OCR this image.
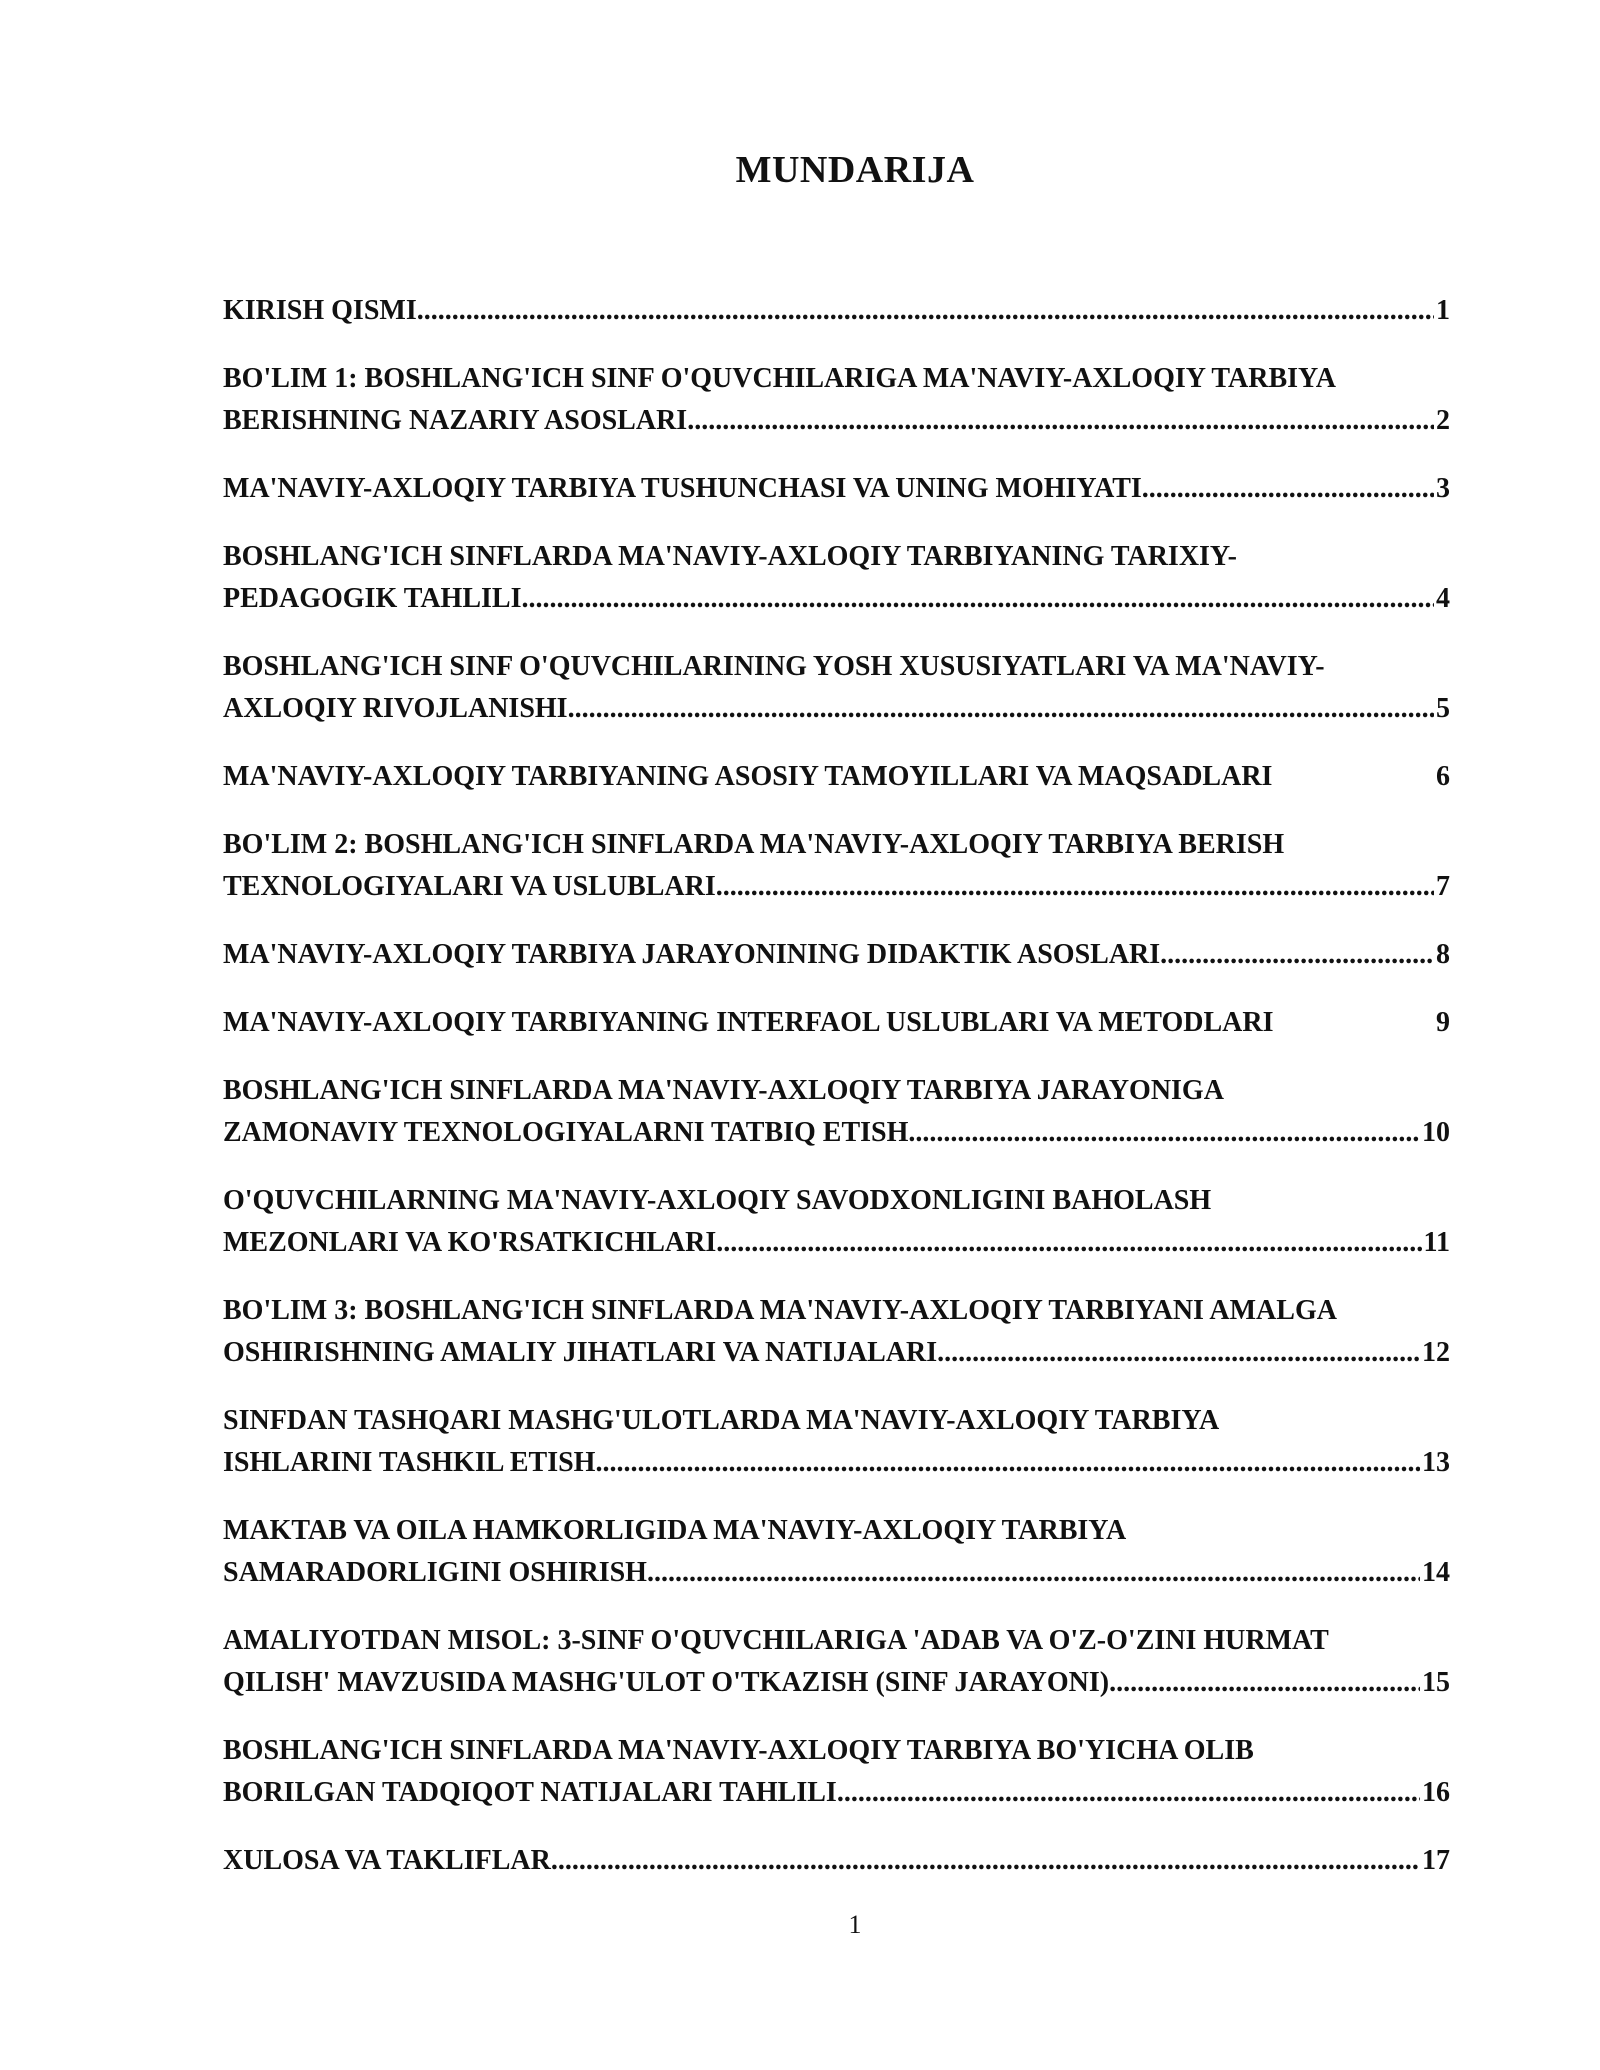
MUNDARIJA
KIRISH QISMI .....	1
BO'LIM 1: BOSHLANG'ICH SINF O'QUVCHILARIGA MA'NAVIY-AXLOQIY TARBIYA
BERISHNING NAZARIY ASOSLARI .....	2
MA'NAVIY-AXLOQIY TARBIYA TUSHUNCHASI VA UNING MOHIYATI .....	3
BOSHLANG'ICH SINFLARDA MA'NAVIY-AXLOQIY TARBIYANING TARIXIY-
PEDAGOGIK TAHLILI .....	4
BOSHLANG'ICH SINF O'QUVCHILARINING YOSH XUSUSIYATLARI VA MA'NAVIY-
AXLOQIY RIVOJLANISHI .....	5
MA'NAVIY-AXLOQIY TARBIYANING ASOSIY TAMOYILLARI VA MAQSADLARI	6
BO'LIM 2: BOSHLANG'ICH SINFLARDA MA'NAVIY-AXLOQIY TARBIYA BERISH
TEXNOLOGIYALARI VA USLUBLARI .....	7
MA'NAVIY-AXLOQIY TARBIYA JARAYONINING DIDAKTIK ASOSLARI .....	8
MA'NAVIY-AXLOQIY TARBIYANING INTERFAOL USLUBLARI VA METODLARI	9
BOSHLANG'ICH SINFLARDA MA'NAVIY-AXLOQIY TARBIYA JARAYONIGA
ZAMONAVIY TEXNOLOGIYALARNI TATBIQ ETISH .....	10
O'QUVCHILARNING MA'NAVIY-AXLOQIY SAVODXONLIGINI BAHOLASH
MEZONLARI VA KO'RSATKICHLARI .....	11
BO'LIM 3: BOSHLANG'ICH SINFLARDA MA'NAVIY-AXLOQIY TARBIYANI AMALGA
OSHIRISHNING AMALIY JIHATLARI VA NATIJALARI .....	12
SINFDAN TASHQARI MASHG'ULOTLARDA MA'NAVIY-AXLOQIY TARBIYA
ISHLARINI TASHKIL ETISH .....	13
MAKTAB VA OILA HAMKORLIGIDA MA'NAVIY-AXLOQIY TARBIYA
SAMARADORLIGINI OSHIRISH .....	14
AMALIYOTDAN MISOL: 3-SINF O'QUVCHILARIGA 'ADAB VA O'Z-O'ZINI HURMAT
QILISH' MAVZUSIDA MASHG'ULOT O'TKAZISH (SINF JARAYONI) .....	15
BOSHLANG'ICH SINFLARDA MA'NAVIY-AXLOQIY TARBIYA BO'YICHA OLIB
BORILGAN TADQIQOT NATIJALARI TAHLILI .....	16
XULOSA VA TAKLIFLAR .....	17
1
